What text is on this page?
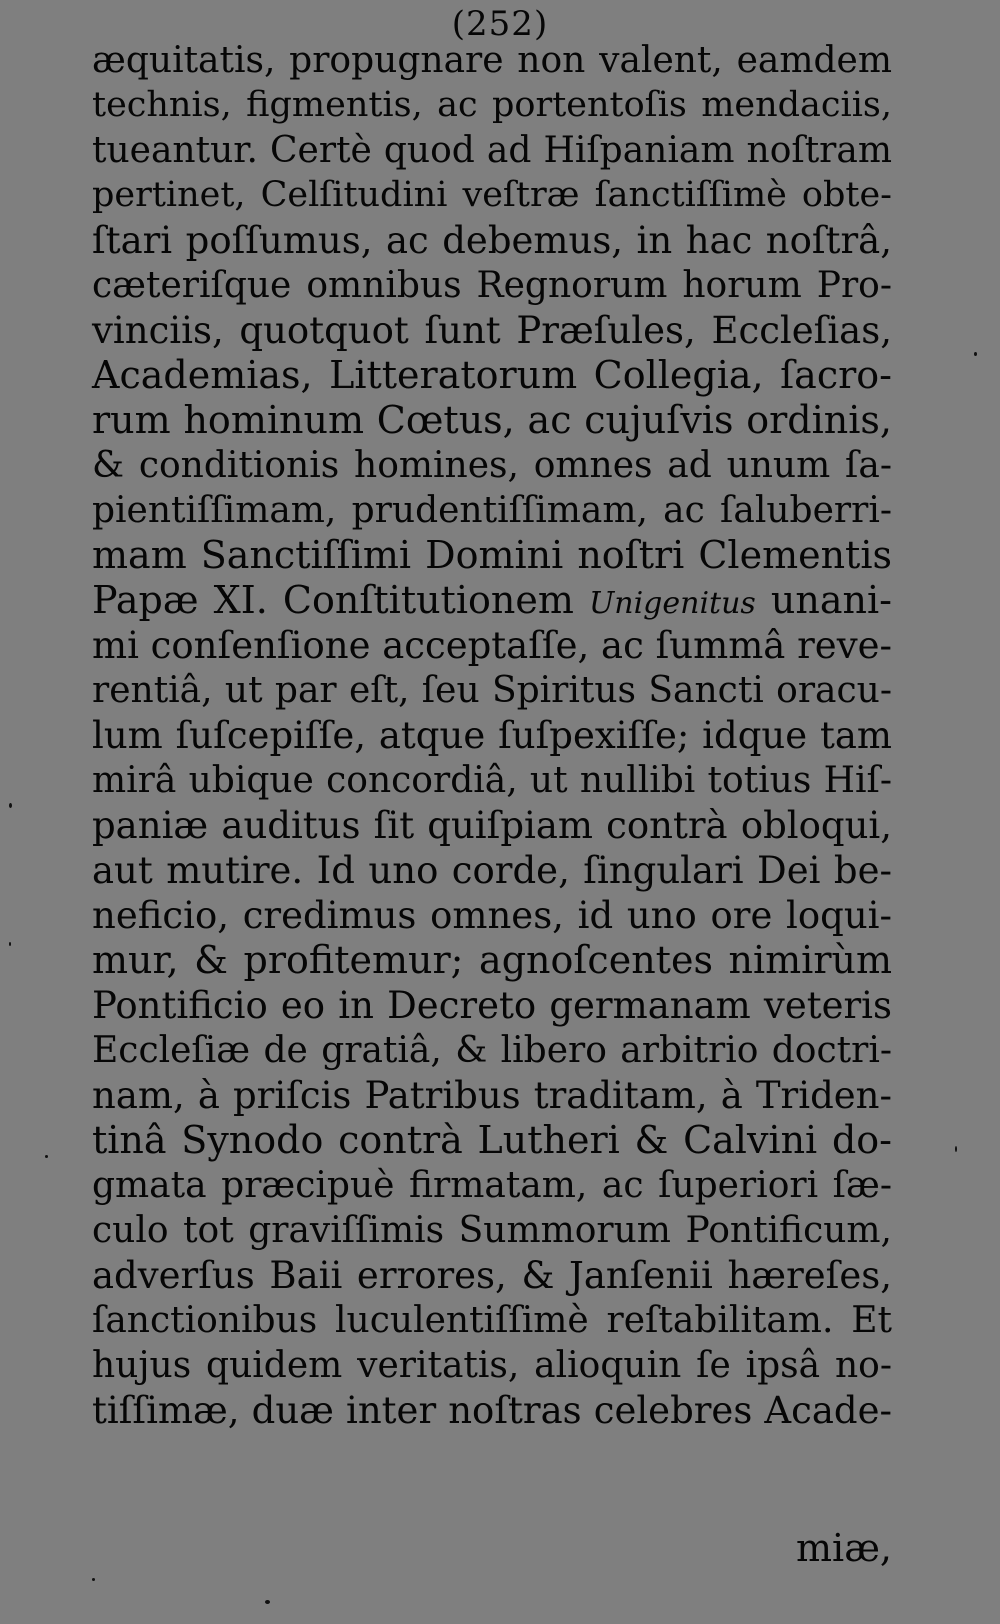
(252)
æquitatis, propugnare non valent, eamdem
technis, figmentis, ac portentoſis mendaciis,
tueantur. Certè quod ad Hiſpaniam noſtram
pertinet, Celſitudini veſtræ ſanctiſſimè obte-
ſtari poſſumus, ac debemus, in hac noſtrâ,
cæteriſque omnibus Regnorum horum Pro-
vinciis, quotquot ſunt Præſules, Eccleſias,
Academias, Litteratorum Collegia, ſacro-
rum hominum Cœtus, ac cujuſvis ordinis,
& conditionis homines, omnes ad unum ſa-
pientiſſimam, prudentiſſimam, ac ſaluberri-
mam Sanctiſſimi Domini noſtri Clementis
Papæ XI. Conſtitutionem Unigenitus unani-
mi conſenſione acceptaſſe, ac ſummâ reve-
rentiâ, ut par eſt, ſeu Spiritus Sancti oracu-
lum ſuſcepiſſe, atque ſuſpexiſſe; idque tam
mirâ ubique concordiâ, ut nullibi totius Hiſ-
paniæ auditus ſit quiſpiam contrà obloqui,
aut mutire. Id uno corde, ſingulari Dei be-
neficio, credimus omnes, id uno ore loqui-
mur, & profitemur; agnoſcentes nimirùm
Pontificio eo in Decreto germanam veteris
Eccleſiæ de gratiâ, & libero arbitrio doctri-
nam, à priſcis Patribus traditam, à Triden-
tinâ Synodo contrà Lutheri & Calvini do-
gmata præcipuè firmatam, ac ſuperiori ſæ-
culo tot graviſſimis Summorum Pontificum,
adverſus Baii errores, & Janſenii hæreſes,
ſanctionibus luculentiſſimè reſtabilitam. Et
hujus quidem veritatis, alioquin ſe ipsâ no-
tiſſimæ, duæ inter noſtras celebres Acade-
miæ,
